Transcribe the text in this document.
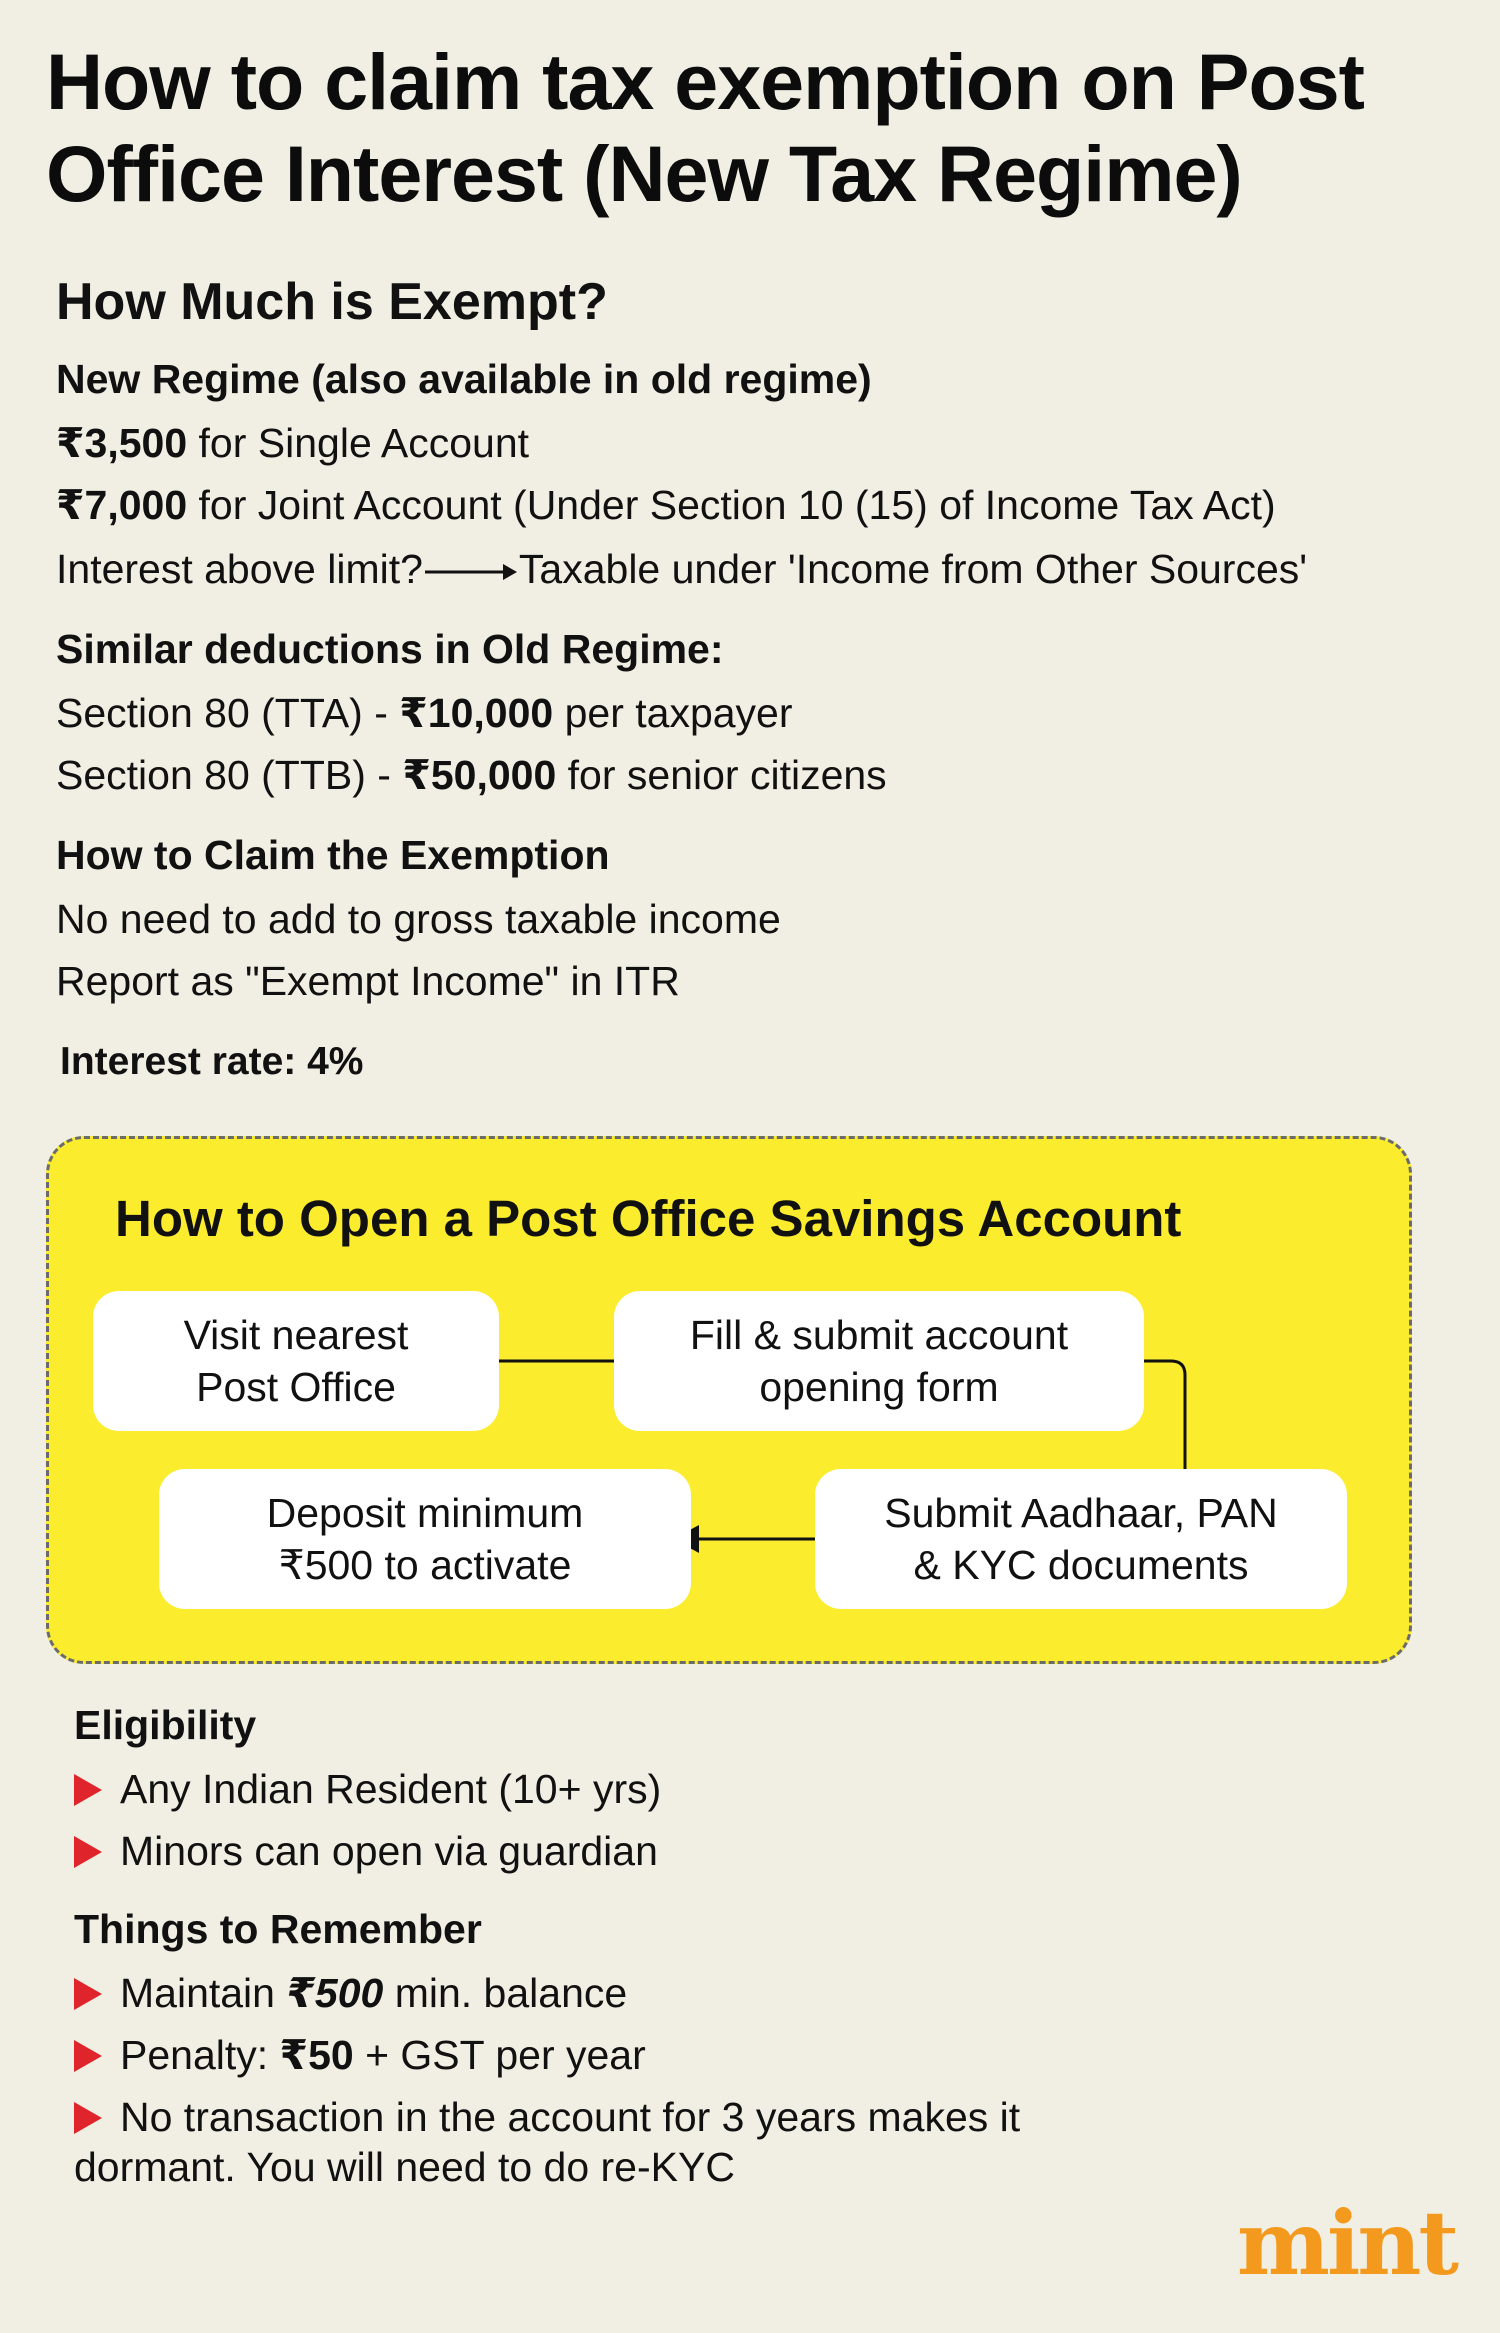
How to claim tax exemption on Post Office Interest (New Tax Regime)
How Much is Exempt?
New Regime (also available in old regime)
₹3,500 for Single Account
₹7,000 for Joint Account (Under Section 10 (15) of Income Tax Act)
Interest above limit? Taxable under 'Income from Other Sources'
Similar deductions in Old Regime:
Section 80 (TTA) - ₹10,000 per taxpayer
Section 80 (TTB) - ₹50,000 for senior citizens
How to Claim the Exemption
No need to add to gross taxable income
Report as "Exempt Income" in ITR
Interest rate: 4%
How to Open a Post Office Savings Account
Visit nearest
Post Office
Fill & submit account
opening form
Submit Aadhaar, PAN
& KYC documents
Deposit minimum
₹500 to activate
Eligibility
Any Indian Resident (10+ yrs)
Minors can open via guardian
Things to Remember
Maintain ₹500 min. balance
Penalty: ₹50 + GST per year
No transaction in the account for 3 years makes it
dormant. You will need to do re-KYC
mint
